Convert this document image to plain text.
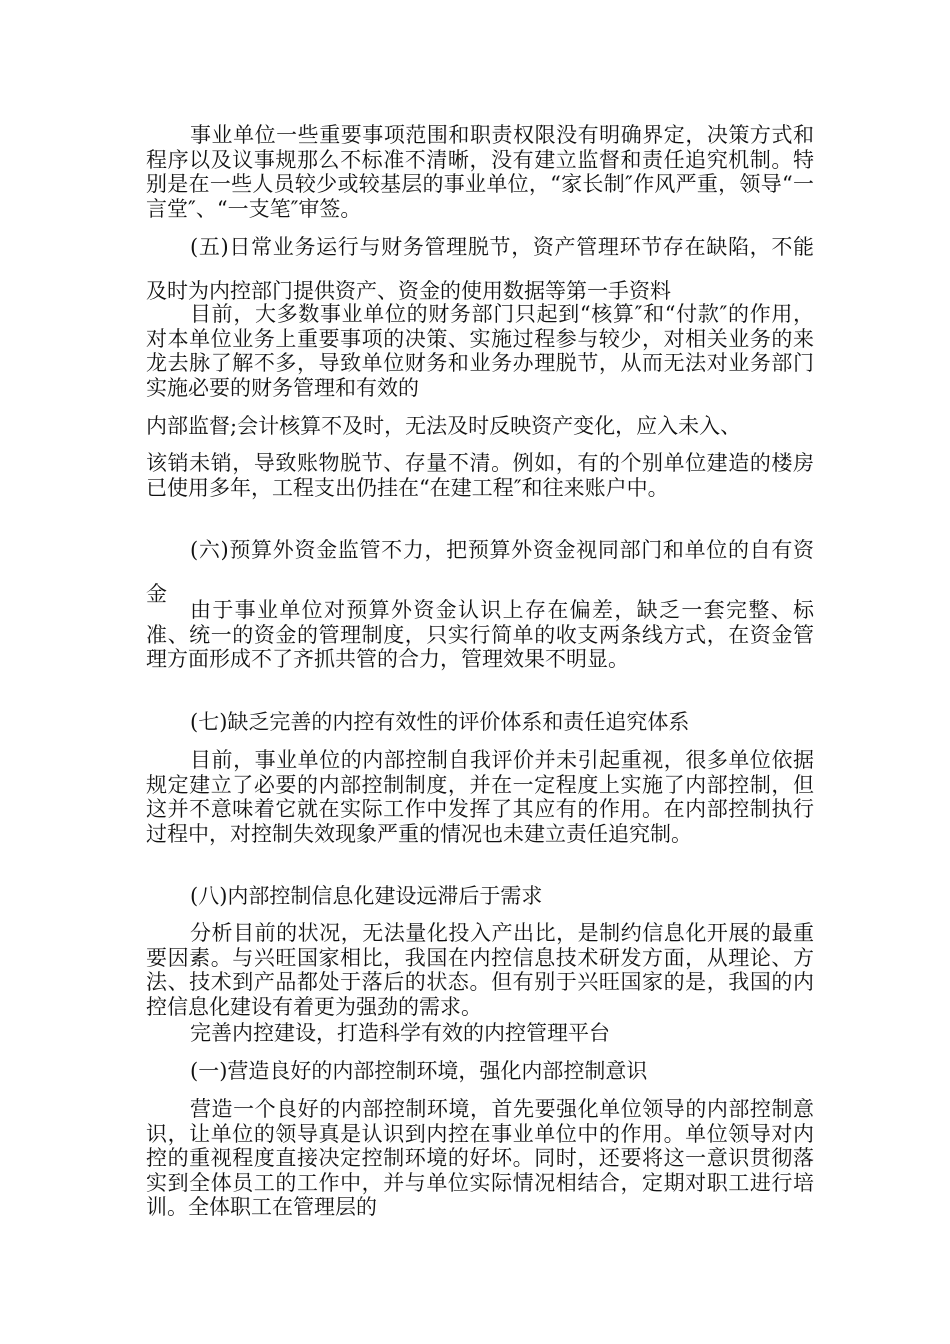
事业单位一些重要事项范围和职责权限没有明确界定，决策方式和程序以及议事规那么不标准不清晰，没有建立监督和责任追究机制。特别是在一些人员较少或较基层的事业单位，“家长制″作风严重，领导“一言堂″、“一支笔″审签。
(五)日常业务运行与财务管理脱节，资产管理环节存在缺陷，不能及时为内控部门提供资产、资金的使用数据等第一手资料
目前，大多数事业单位的财务部门只起到“核算″和“付款″的作用，对本单位业务上重要事项的决策、实施过程参与较少，对相关业务的来龙去脉了解不多，导致单位财务和业务办理脱节，从而无法对业务部门实施必要的财务管理和有效的
内部监督;会计核算不及时，无法及时反映资产变化，应入未入、
该销未销，导致账物脱节、存量不清。例如，有的个别单位建造的楼房已使用多年，工程支出仍挂在“在建工程″和往来账户中。
(六)预算外资金监管不力，把预算外资金视同部门和单位的自有资金
由于事业单位对预算外资金认识上存在偏差，缺乏一套完整、标准、统一的资金的管理制度，只实行简单的收支两条线方式，在资金管理方面形成不了齐抓共管的合力，管理效果不明显。
(七)缺乏完善的内控有效性的评价体系和责任追究体系
目前，事业单位的内部控制自我评价并未引起重视，很多单位依据规定建立了必要的内部控制制度，并在一定程度上实施了内部控制，但这并不意味着它就在实际工作中发挥了其应有的作用。在内部控制执行过程中，对控制失效现象严重的情况也未建立责任追究制。
(八)内部控制信息化建设远滞后于需求
分析目前的状况，无法量化投入产出比，是制约信息化开展的最重要因素。与兴旺国家相比，我国在内控信息技术研发方面，从理论、方法、技术到产品都处于落后的状态。但有别于兴旺国家的是，我国的内控信息化建设有着更为强劲的需求。
完善内控建设，打造科学有效的内控管理平台
(一)营造良好的内部控制环境，强化内部控制意识
营造一个良好的内部控制环境，首先要强化单位领导的内部控制意识，让单位的领导真是认识到内控在事业单位中的作用。单位领导对内控的重视程度直接决定控制环境的好坏。同时，还要将这一意识贯彻落实到全体员工的工作中，并与单位实际情况相结合，定期对职工进行培训。全体职工在管理层的
